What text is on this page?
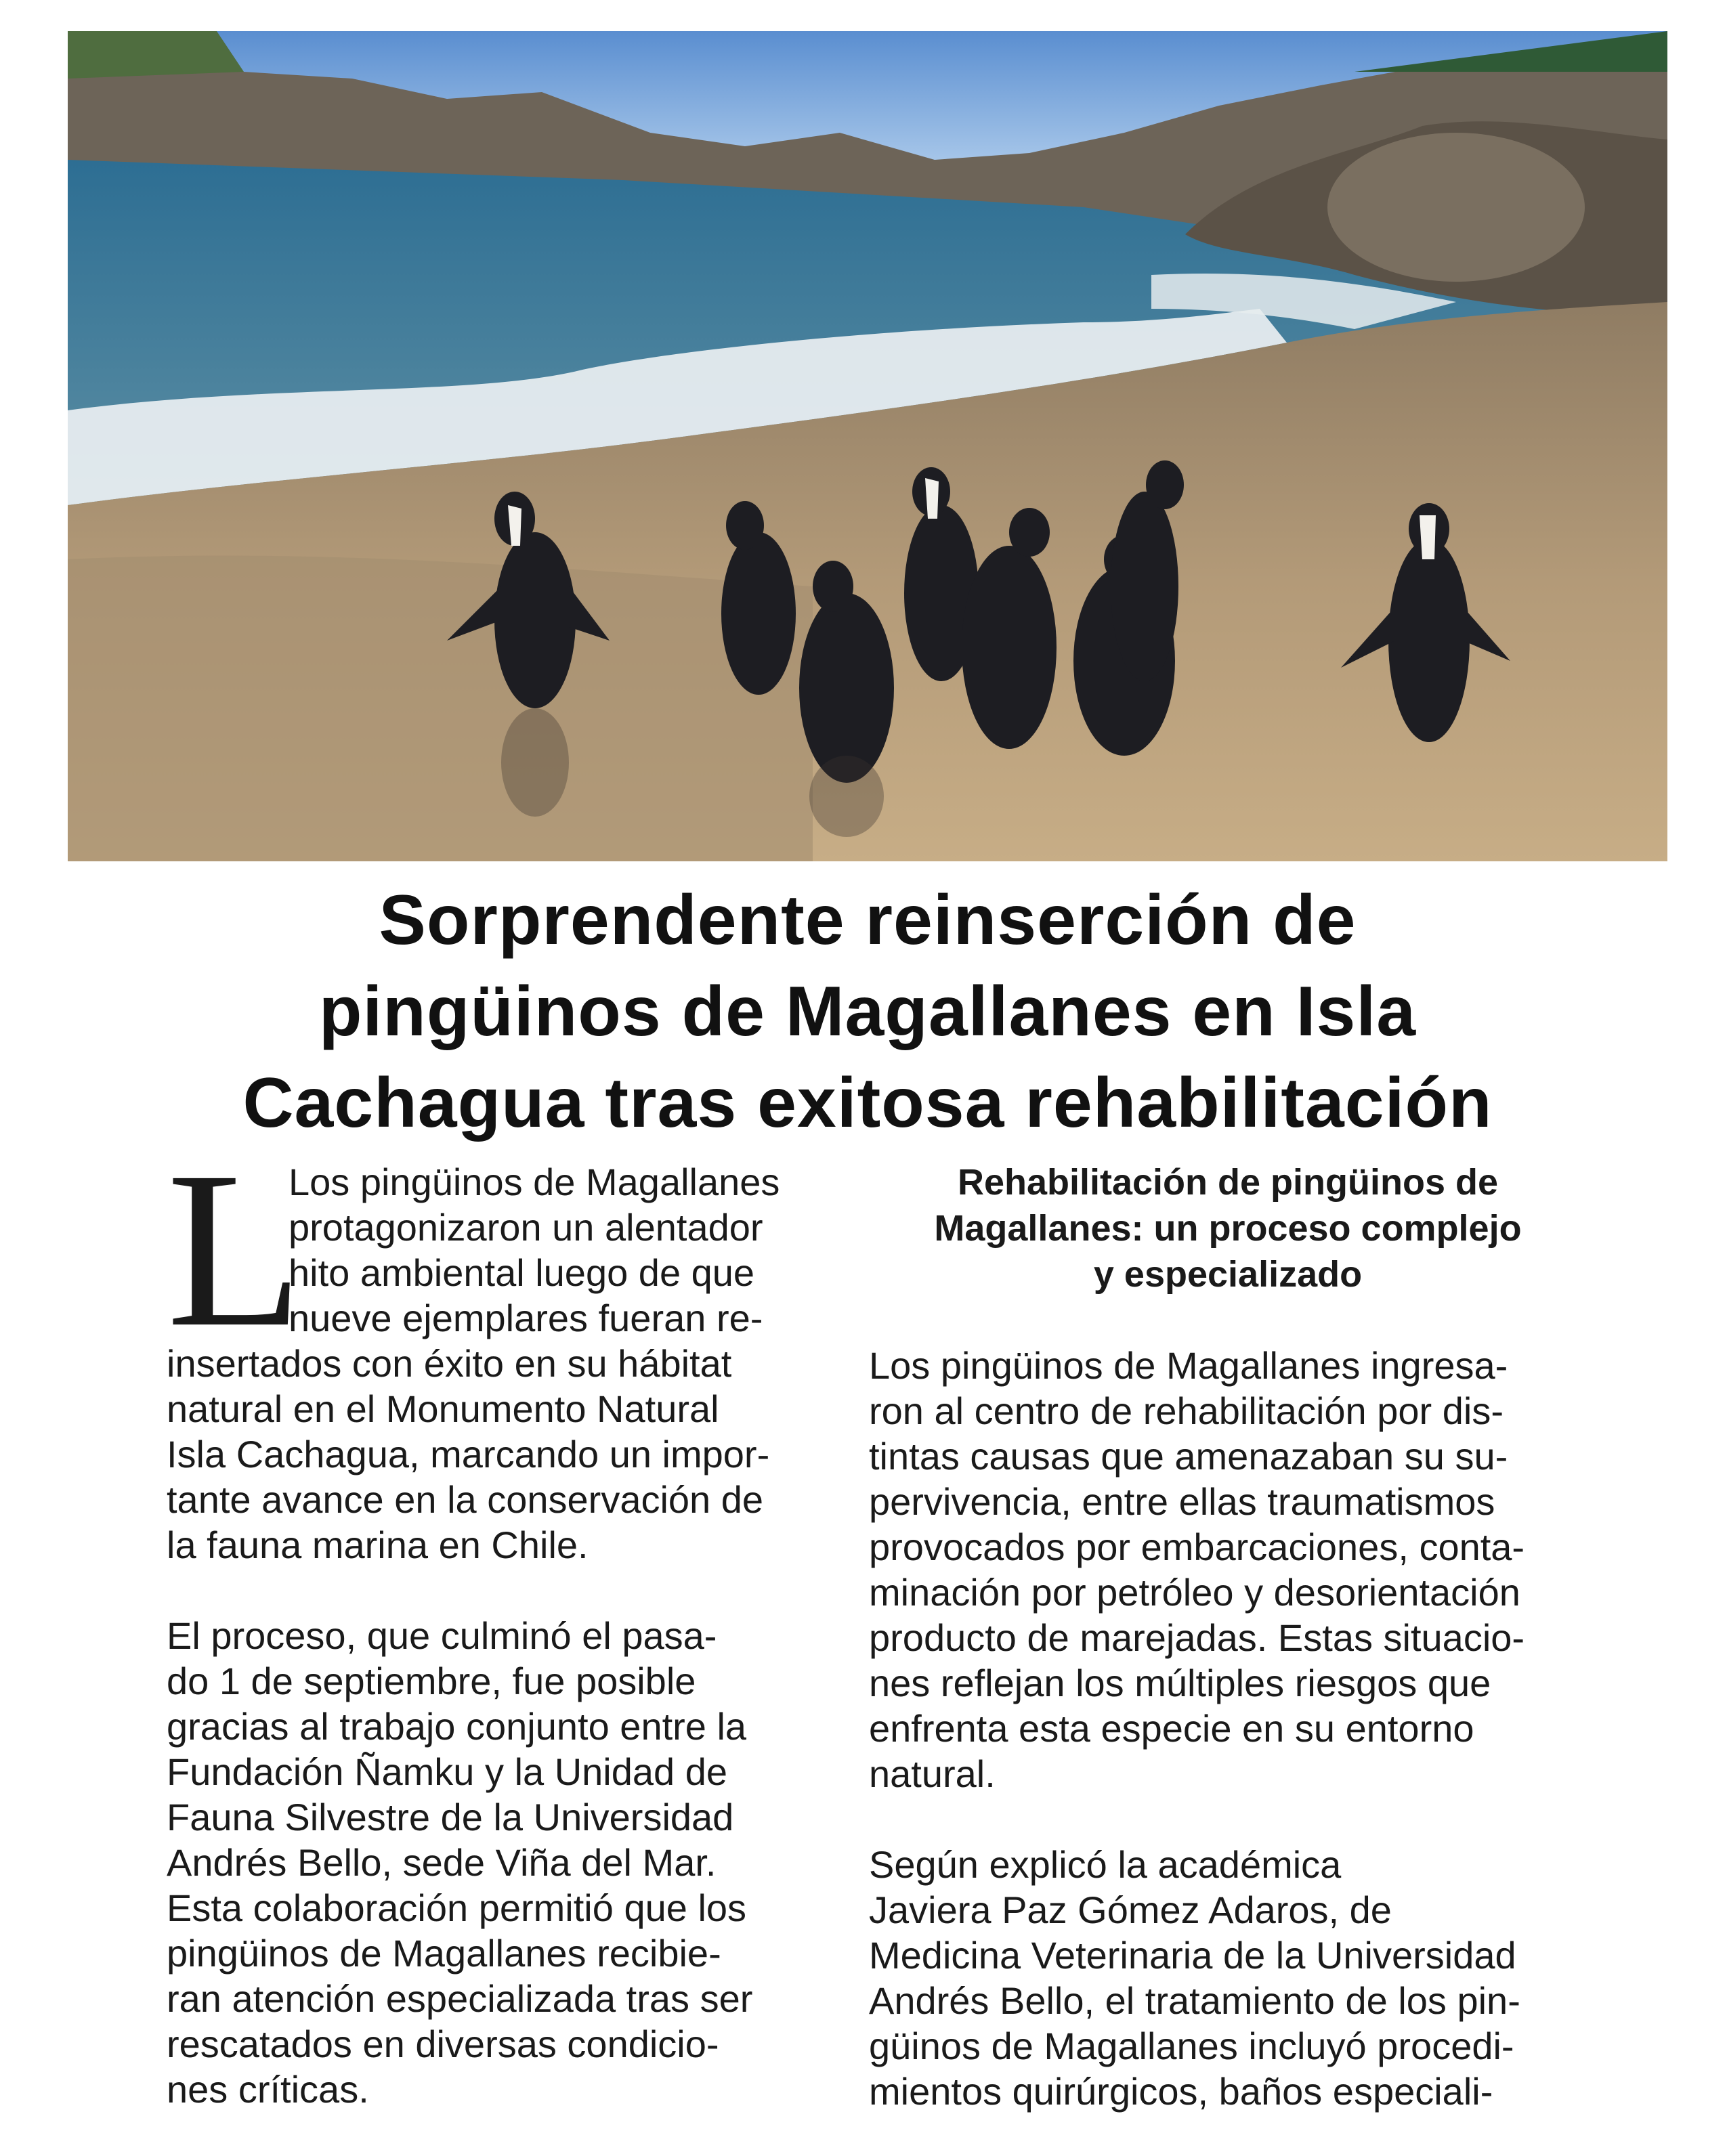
Sorprendente reinserción de
pingüinos de Magallanes en Isla
Cachagua tras exitosa rehabilitación
L

Los pingüinos de Magallanes
protagonizaron un alentador
hito ambiental luego de que
nueve ejemplares fueran re-
insertados con éxito en su hábitat
natural en el Monumento Natural
Isla Cachagua, marcando un impor-
tante avance en la conservación de
la fauna marina en Chile.

El proceso, que culminó el pasa-
do 1 de septiembre, fue posible
gracias al trabajo conjunto entre la
Fundación Ñamku y la Unidad de
Fauna Silvestre de la Universidad
Andrés Bello, sede Viña del Mar.
Esta colaboración permitió que los
pingüinos de Magallanes recibie-
ran atención especializada tras ser
rescatados en diversas condicio-
nes críticas.

Rehabilitación de pingüinos de
Magallanes: un proceso complejo
y especializado

Los pingüinos de Magallanes ingresa-
ron al centro de rehabilitación por dis-
tintas causas que amenazaban su su-
pervivencia, entre ellas traumatismos
provocados por embarcaciones, conta-
minación por petróleo y desorientación
producto de marejadas. Estas situacio-
nes reflejan los múltiples riesgos que
enfrenta esta especie en su entorno
natural.

Según explicó la académica
Javiera Paz Gómez Adaros, de
Medicina Veterinaria de la Universidad
Andrés Bello, el tratamiento de los pin-
güinos de Magallanes incluyó procedi-
mientos quirúrgicos, baños especiali-
